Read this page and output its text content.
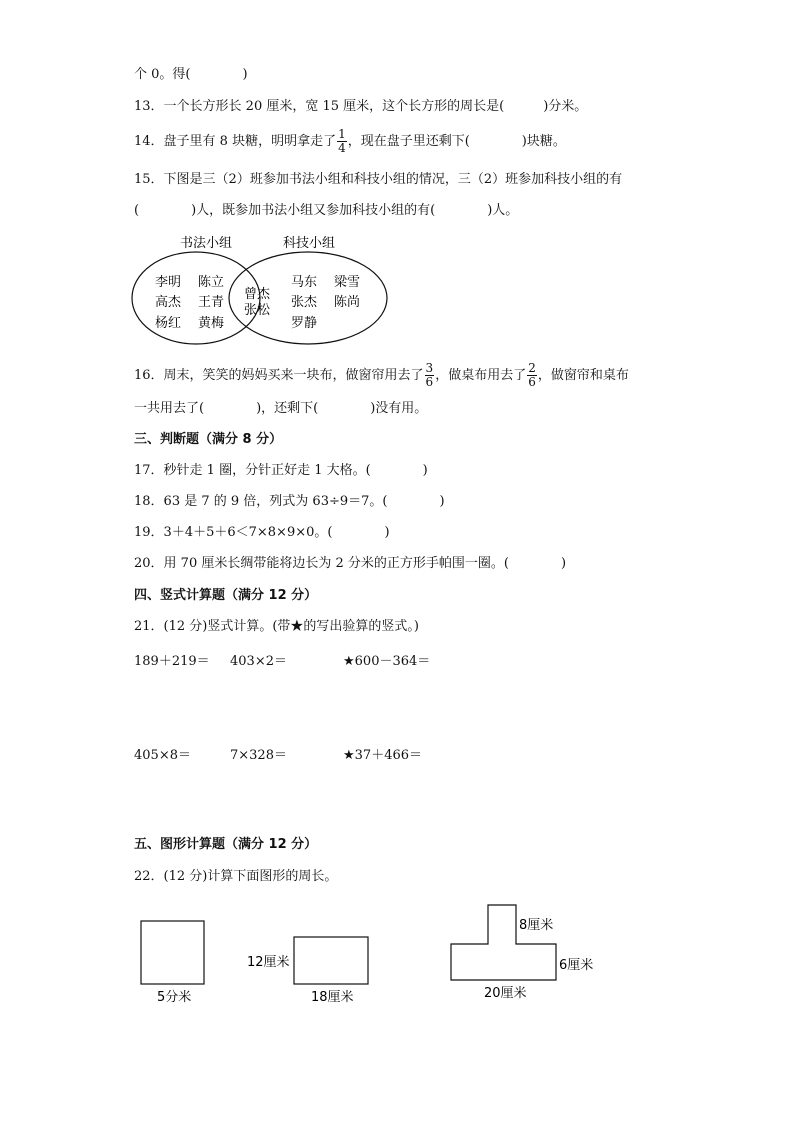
个 0。得(　　　　)
13．一个长方形长 20 厘米，宽 15 厘米，这个长方形的周长是(　　　)分米。
14．盘子里有 8 块糖，明明拿走了 $\frac{1}{4}$ ，现在盘子里还剩下(　　　　)块糖。
15．下图是三（2）班参加书法小组和科技小组的情况，三（2）班参加科技小组的有
(　　　　)人，既参加书法小组又参加科技小组的有(　　　　)人。
书法小组	科技小组
李明 陈立
高杰 王青
杨红 黄梅
曾杰
张松
马东 梁雪
张杰 陈尚
罗静
16．周末，笑笑的妈妈买来一块布，做窗帘用去了 $\frac{3}{6}$ ，做桌布用去了 $\frac{2}{6}$ ，做窗帘和桌布
一共用去了(　　　　)，还剩下(　　　　)没有用。
三、判断题（满分 8 分）
17．秒针走 1 圈，分针正好走 1 大格。(　　　　)
18．63 是 7 的 9 倍，列式为 63÷9＝7。(　　　　)
19．3＋4＋5＋6＜7×8×9×0。(　　　　)
20．用 70 厘米长绸带能将边长为 2 分米的正方形手帕围一圈。(　　　　)
四、竖式计算题（满分 12 分）
21．(12 分)竖式计算。(带★的写出验算的竖式。)
189＋219＝ 403×2＝	★600－364＝
405×8＝	7×328＝	★37＋466＝
五、图形计算题（满分 12 分）
22．(12 分)计算下面图形的周长。
5分米
12厘米
18厘米
8厘米
6厘米
20厘米
